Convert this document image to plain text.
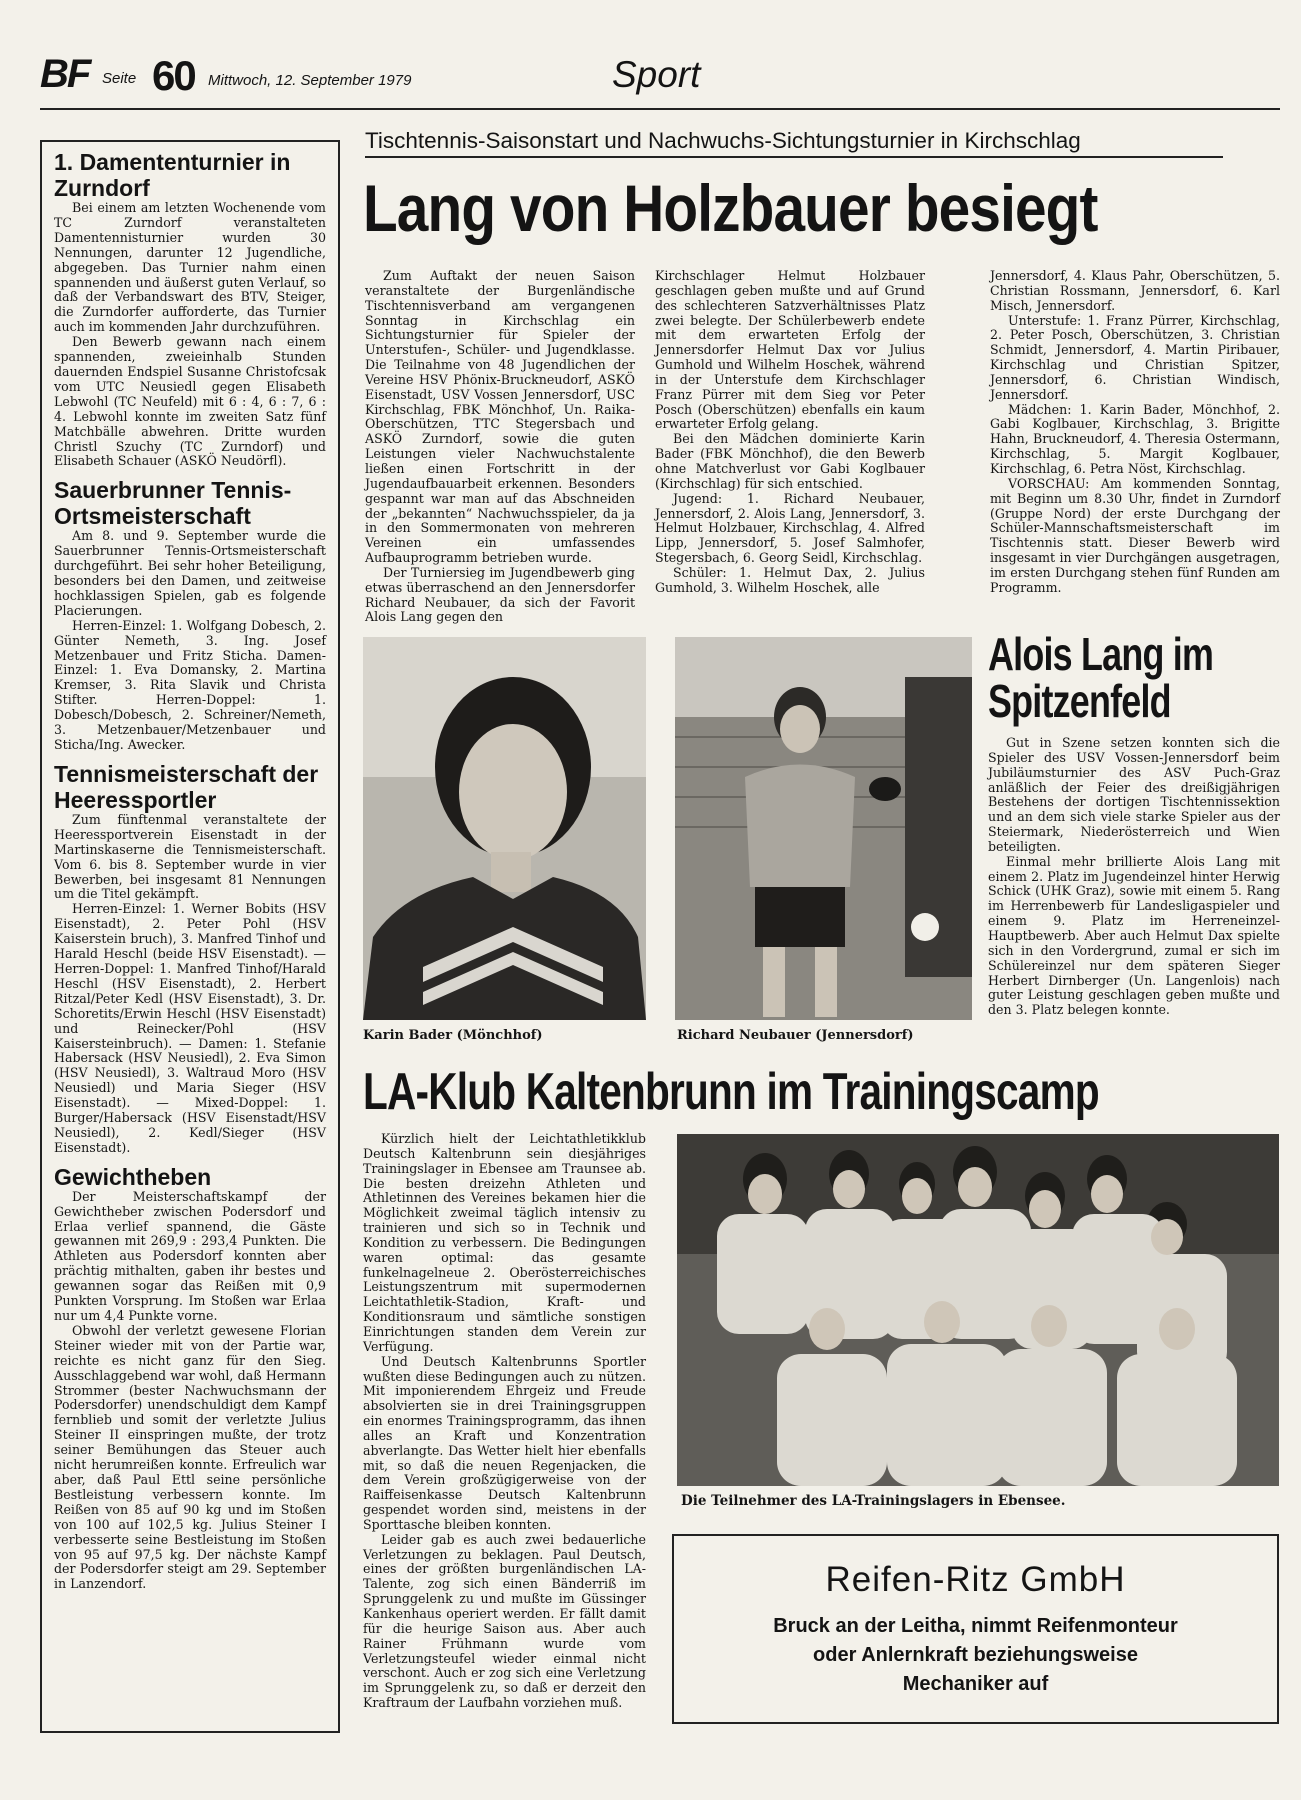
BF Seite 60 Mittwoch, 12. September 1979	Sport
1. Damententurnier in Zurndorf

Bei einem am letzten Wochenende vom TC Zurndorf veranstalteten Damentennisturnier wurden 30 Nennungen, darunter 12 Jugendliche, abgegeben. Das Turnier nahm einen spannenden und äußerst guten Verlauf, so daß der Verbandswart des BTV, Steiger, die Zurndorfer aufforderte, das Turnier auch im kommenden Jahr durchzuführen.

Den Bewerb gewann nach einem spannenden, zweieinhalb Stunden dauernden Endspiel Susanne Christofcsak vom UTC Neusiedl gegen Elisabeth Lebwohl (TC Neufeld) mit 6 : 4, 6 : 7, 6 : 4. Lebwohl konnte im zweiten Satz fünf Matchbälle abwehren. Dritte wurden Christl Szuchy (TC Zurndorf) und Elisabeth Schauer (ASKÖ Neudörfl).

Sauerbrunner Tennis-Ortsmeisterschaft

Am 8. und 9. September wurde die Sauerbrunner Tennis-Ortsmeisterschaft durchgeführt. Bei sehr hoher Beteiligung, besonders bei den Damen, und zeitweise hochklassigen Spielen, gab es folgende Placierungen.

Herren-Einzel: 1. Wolfgang Dobesch, 2. Günter Nemeth, 3. Ing. Josef Metzenbauer und Fritz Sticha. Damen-Einzel: 1. Eva Domansky, 2. Martina Kremser, 3. Rita Slavik und Christa Stifter. Herren-Doppel: 1. Dobesch/Dobesch, 2. Schreiner/Nemeth, 3. Metzenbauer/Metzenbauer und Sticha/Ing. Awecker.

Tennismeisterschaft der Heeressportler

Zum fünftenmal veranstaltete der Heeressportverein Eisenstadt in der Martinskaserne die Tennismeisterschaft. Vom 6. bis 8. September wurde in vier Bewerben, bei insgesamt 81 Nennungen um die Titel gekämpft.

Herren-Einzel: 1. Werner Bobits (HSV Eisenstadt), 2. Peter Pohl (HSV Kaiserstein bruch), 3. Manfred Tinhof und Harald Heschl (beide HSV Eisenstadt). — Herren-Doppel: 1. Manfred Tinhof/Harald Heschl (HSV Eisenstadt), 2. Herbert Ritzal/Peter Kedl (HSV Eisenstadt), 3. Dr. Schoretits/Erwin Heschl (HSV Eisenstadt) und Reinecker/Pohl (HSV Kaisersteinbruch). — Damen: 1. Stefanie Habersack (HSV Neusiedl), 2. Eva Simon (HSV Neusiedl), 3. Waltraud Moro (HSV Neusiedl) und Maria Sieger (HSV Eisenstadt). — Mixed-Doppel: 1. Burger/Habersack (HSV Eisenstadt/HSV Neusiedl), 2. Kedl/Sieger (HSV Eisenstadt).

Gewichtheben

Der Meisterschaftskampf der Gewichtheber zwischen Podersdorf und Erlaa verlief spannend, die Gäste gewannen mit 269,9 : 293,4 Punkten. Die Athleten aus Podersdorf konnten aber prächtig mithalten, gaben ihr bestes und gewannen sogar das Reißen mit 0,9 Punkten Vorsprung. Im Stoßen war Erlaa nur um 4,4 Punkte vorne.

Obwohl der verletzt gewesene Florian Steiner wieder mit von der Partie war, reichte es nicht ganz für den Sieg. Ausschlaggebend war wohl, daß Hermann Strommer (bester Nachwuchsmann der Podersdorfer) unendschuldigt dem Kampf fernblieb und somit der verletzte Julius Steiner II einspringen mußte, der trotz seiner Bemühungen das Steuer auch nicht herumreißen konnte. Erfreulich war aber, daß Paul Ettl seine persönliche Bestleistung verbessern konnte. Im Reißen von 85 auf 90 kg und im Stoßen von 100 auf 102,5 kg. Julius Steiner I verbesserte seine Bestleistung im Stoßen von 95 auf 97,5 kg. Der nächste Kampf der Podersdorfer steigt am 29. September in Lanzendorf.

Tischtennis-Saisonstart und Nachwuchs-Sichtungsturnier in Kirchschlag
Lang von Holzbauer besiegt

Zum Auftakt der neuen Saison veranstaltete der Burgenländische Tischtennisverband am vergangenen Sonntag in Kirchschlag ein Sichtungsturnier für Spieler der Unterstufen-, Schüler- und Jugendklasse. Die Teilnahme von 48 Jugendlichen der Vereine HSV Phönix-Bruckneudorf, ASKÖ Eisenstadt, USV Vossen Jennersdorf, USC Kirchschlag, FBK Mönchhof, Un. Raika-Oberschützen, TTC Stegersbach und ASKÖ Zurndorf, sowie die guten Leistungen vieler Nachwuchstalente ließen einen Fortschritt in der Jugendaufbauarbeit erkennen. Besonders gespannt war man auf das Abschneiden der „bekannten“ Nachwuchsspieler, da ja in den Sommermonaten von mehreren Vereinen ein umfassendes Aufbauprogramm betrieben wurde.

Der Turniersieg im Jugendbewerb ging etwas überraschend an den Jennersdorfer Richard Neubauer, da sich der Favorit Alois Lang gegen den

Kirchschlager Helmut Holzbauer geschlagen geben mußte und auf Grund des schlechteren Satzverhältnisses Platz zwei belegte. Der Schülerbewerb endete mit dem erwarteten Erfolg der Jennersdorfer Helmut Dax vor Julius Gumhold und Wilhelm Hoschek, während in der Unterstufe dem Kirchschlager Franz Pürrer mit dem Sieg vor Peter Posch (Oberschützen) ebenfalls ein kaum erwarteter Erfolg gelang.

Bei den Mädchen dominierte Karin Bader (FBK Mönchhof), die den Bewerb ohne Matchverlust vor Gabi Koglbauer (Kirchschlag) für sich entschied.

Jugend: 1. Richard Neubauer, Jennersdorf, 2. Alois Lang, Jennersdorf, 3. Helmut Holzbauer, Kirchschlag, 4. Alfred Lipp, Jennersdorf, 5. Josef Salmhofer, Stegersbach, 6. Georg Seidl, Kirchschlag.

Schüler: 1. Helmut Dax, 2. Julius Gumhold, 3. Wilhelm Hoschek, alle

Jennersdorf, 4. Klaus Pahr, Oberschützen, 5. Christian Rossmann, Jennersdorf, 6. Karl Misch, Jennersdorf.

Unterstufe: 1. Franz Pürrer, Kirchschlag, 2. Peter Posch, Oberschützen, 3. Christian Schmidt, Jennersdorf, 4. Martin Piribauer, Kirchschlag und Christian Spitzer, Jennersdorf, 6. Christian Windisch, Jennersdorf.

Mädchen: 1. Karin Bader, Mönchhof, 2. Gabi Koglbauer, Kirchschlag, 3. Brigitte Hahn, Bruckneudorf, 4. Theresia Ostermann, Kirchschlag, 5. Margit Koglbauer, Kirchschlag, 6. Petra Nöst, Kirchschlag.

VORSCHAU: Am kommenden Sonntag, mit Beginn um 8.30 Uhr, findet in Zurndorf (Gruppe Nord) der erste Durchgang der Schüler-Mannschaftsmeisterschaft im Tischtennis statt. Dieser Bewerb wird insgesamt in vier Durchgängen ausgetragen, im ersten Durchgang stehen fünf Runden am Programm.

Karin Bader (Mönchhof)	Richard Neubauer (Jennersdorf)
Alois Lang im
Spitzenfeld

Gut in Szene setzen konnten sich die Spieler des USV Vossen-Jennersdorf beim Jubiläumsturnier des ASV Puch-Graz anläßlich der Feier des dreißigjährigen Bestehens der dortigen Tischtennissektion und an dem sich viele starke Spieler aus der Steiermark, Niederösterreich und Wien beteiligten.

Einmal mehr brillierte Alois Lang mit einem 2. Platz im Jugendeinzel hinter Herwig Schick (UHK Graz), sowie mit einem 5. Rang im Herrenbewerb für Landesligaspieler und einem 9. Platz im Herreneinzel-Hauptbewerb. Aber auch Helmut Dax spielte sich in den Vordergrund, zumal er sich im Schülereinzel nur dem späteren Sieger Herbert Dirnberger (Un. Langenlois) nach guter Leistung geschlagen geben mußte und den 3. Platz belegen konnte.

LA-Klub Kaltenbrunn im Trainingscamp

Kürzlich hielt der Leichtathletikklub Deutsch Kaltenbrunn sein diesjähriges Trainingslager in Ebensee am Traunsee ab. Die besten dreizehn Athleten und Athletinnen des Vereines bekamen hier die Möglichkeit zweimal täglich intensiv zu trainieren und sich so in Technik und Kondition zu verbessern. Die Bedingungen waren optimal: das gesamte funkelnagelneue 2. Oberösterreichisches Leistungszentrum mit supermodernen Leichtathletik-Stadion, Kraft- und Konditionsraum und sämtliche sonstigen Einrichtungen standen dem Verein zur Verfügung.

Und Deutsch Kaltenbrunns Sportler wußten diese Bedingungen auch zu nützen. Mit imponierendem Ehrgeiz und Freude absolvierten sie in drei Trainingsgruppen ein enormes Trainingsprogramm, das ihnen alles an Kraft und Konzentration abverlangte. Das Wetter hielt hier ebenfalls mit, so daß die neuen Regenjacken, die dem Verein großzügigerweise von der Raiffeisenkasse Deutsch Kaltenbrunn gespendet worden sind, meistens in der Sporttasche bleiben konnten.

Leider gab es auch zwei bedauerliche Verletzungen zu beklagen. Paul Deutsch, eines der größten burgenländischen LA-Talente, zog sich einen Bänderriß im Sprunggelenk zu und mußte im Güssinger Kankenhaus operiert werden. Er fällt damit für die heurige Saison aus. Aber auch Rainer Frühmann wurde vom Verletzungsteufel wieder einmal nicht verschont. Auch er zog sich eine Verletzung im Sprunggelenk zu, so daß er derzeit den Kraftraum der Laufbahn vorziehen muß.

Die Teilnehmer des LA-Trainingslagers in Ebensee.
Reifen-Ritz GmbH
Bruck an der Leitha, nimmt Reifenmonteur
oder Anlernkraft beziehungsweise
Mechaniker auf
